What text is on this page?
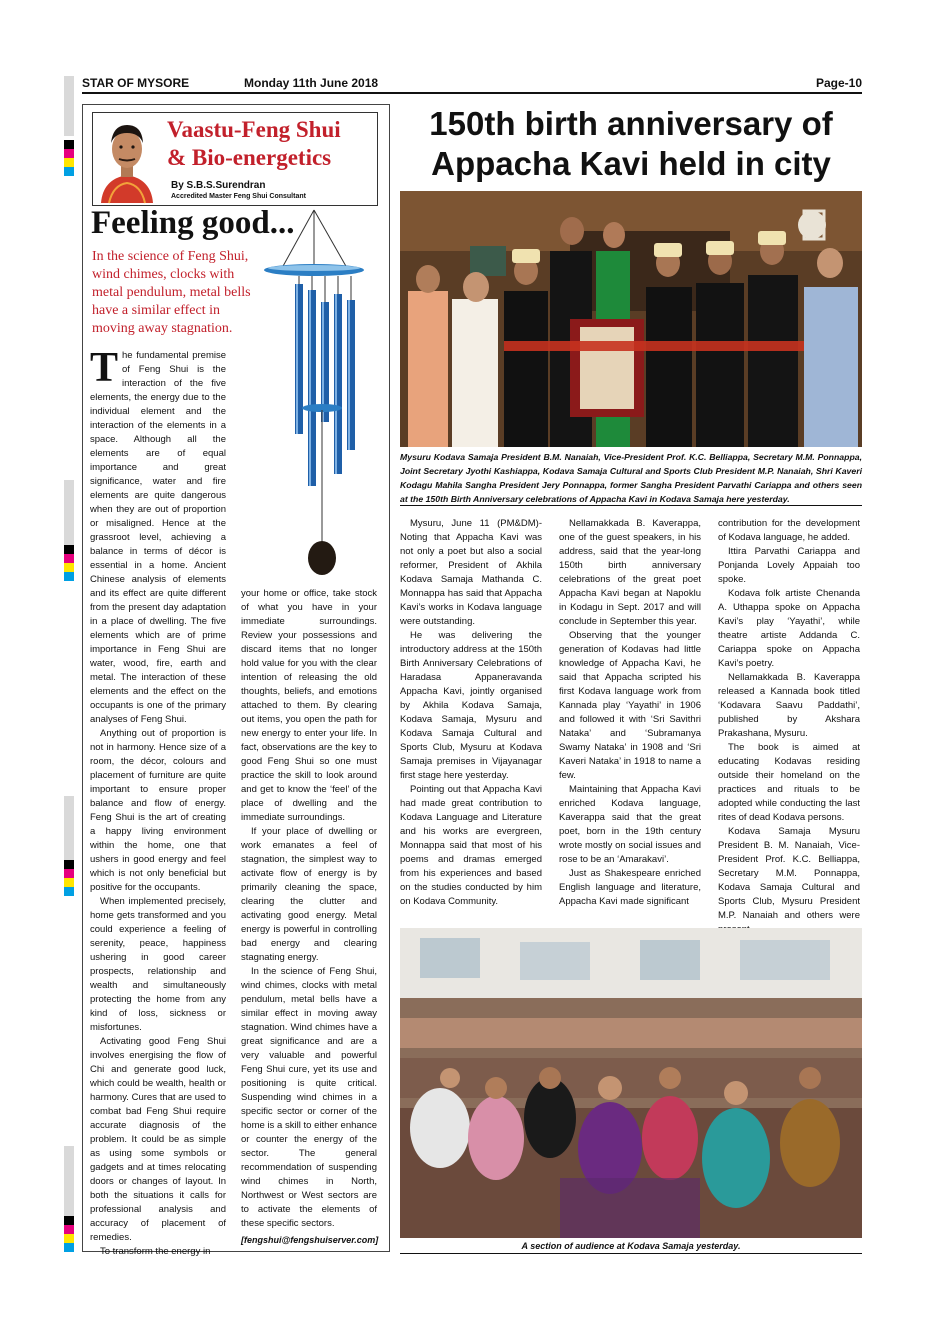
STAR OF MYSORE	Monday 11th June 2018	Page-10
Vaastu-Feng Shui
& Bio-energetics
By S.B.S.Surendran
Accredited Master Feng Shui Consultant
Feeling good...
In the science of Feng Shui, wind chimes, clocks with metal pendulum, metal bells have a similar effect in moving away stagnation.

The fundamental premise of Feng Shui is the interaction of the five elements, the energy due to the individual element and the interaction of the elements in a space. Although all the elements are of equal importance and great significance, water and fire elements are quite dangerous when they are out of proportion or misaligned. Hence at the grassroot level, achieving a balance in terms of décor is essential in a home. Ancient Chinese analysis of elements and its effect are quite different from the present day adaptation in a place of dwelling. The five elements which are of prime importance in Feng Shui are water, wood, fire, earth and metal. The interaction of these elements and the effect on the occupants is one of the primary analyses of Feng Shui.

Anything out of proportion is not in harmony. Hence size of a room, the décor, colours and placement of furniture are quite important to ensure proper balance and flow of energy. Feng Shui is the art of creating a happy living environment within the home, one that ushers in good energy and feel which is not only beneficial but positive for the occupants.

When implemented precisely, home gets transformed and you could experience a feeling of serenity, peace, happiness ushering in good career prospects, relationship and wealth and simultaneously protecting the home from any kind of loss, sickness or misfortunes.

Activating good Feng Shui involves energising the flow of Chi and generate good luck, which could be wealth, health or harmony. Cures that are used to combat bad Feng Shui require accurate diagnosis of the problem. It could be as simple as using some symbols or gadgets and at times relocating doors or changes of layout. In both the situations it calls for professional analysis and accuracy of placement of remedies.

To transform the energy in

your home or office, take stock of what you have in your immediate surroundings. Review your possessions and discard items that no longer hold value for you with the clear intention of releasing the old thoughts, beliefs, and emotions attached to them. By clearing out items, you open the path for new energy to enter your life. In fact, observations are the key to good Feng Shui so one must practice the skill to look around and get to know the ‘feel’ of the place of dwelling and the immediate surroundings.

If your place of dwelling or work emanates a feel of stagnation, the simplest way to activate flow of energy is by primarily cleaning the space, clearing the clutter and activating good energy. Metal energy is powerful in controlling bad energy and clearing stagnating energy.

In the science of Feng Shui, wind chimes, clocks with metal pendulum, metal bells have a similar effect in moving away stagnation. Wind chimes have a great significance and are a very valuable and powerful Feng Shui cure, yet its use and positioning is quite critical. Suspending wind chimes in a specific sector or corner of the home is a skill to either enhance or counter the energy of the sector. The general recommendation of suspending wind chimes in North, Northwest or West sectors are to activate the elements of these specific sectors.

[fengshui@fengshuiserver.com]
150th birth anniversary of Appacha Kavi held in city
Mysuru Kodava Samaja President B.M. Nanaiah, Vice-President Prof. K.C. Belliappa, Secretary M.M. Ponnappa, Joint Secretary Jyothi Kashiappa, Kodava Samaja Cultural and Sports Club President M.P. Nanaiah, Shri Kaveri Kodagu Mahila Sangha President Jery Ponnappa, former Sangha President Parvathi Cariappa and others seen at the 150th Birth Anniversary celebrations of Appacha Kavi in Kodava Samaja here yesterday.

Mysuru, June 11 (PM&DM)- Noting that Appacha Kavi was not only a poet but also a social reformer, President of Akhila Kodava Samaja Mathanda C. Monnappa has said that Appacha Kavi’s works in Kodava language were outstanding.

He was delivering the introductory address at the 150th Birth Anniversary Celebrations of Haradasa Appaneravanda Appacha Kavi, jointly organised by Akhila Kodava Samaja, Kodava Samaja, Mysuru and Kodava Samaja Cultural and Sports Club, Mysuru at Kodava Samaja premises in Vijayanagar first stage here yesterday.

Pointing out that Appacha Kavi had made great contribution to Kodava Language and Literature and his works are evergreen, Monnappa said that most of his poems and dramas emerged from his experiences and based on the studies conducted by him on Kodava Community.

Nellamakkada B. Kaverappa, one of the guest speakers, in his address, said that the year-long 150th birth anniversary celebrations of the great poet Appacha Kavi began at Napoklu in Kodagu in Sept. 2017 and will conclude in September this year.

Observing that the younger generation of Kodavas had little knowledge of Appacha Kavi, he said that Appacha scripted his first Kodava language work from Kannada play ‘Yayathi’ in 1906 and followed it with ‘Sri Savithri Nataka’ and ‘Subramanya Swamy Nataka’ in 1908 and ‘Sri Kaveri Nataka’ in 1918 to name a few.

Maintaining that Appacha Kavi enriched Kodava language, Kaverappa said that the great poet, born in the 19th century wrote mostly on social issues and rose to be an ‘Amarakavi’.

Just as Shakespeare enriched English language and literature, Appacha Kavi made significant

contribution for the development of Kodava language, he added.

Ittira Parvathi Cariappa and Ponjanda Lovely Appaiah too spoke.

Kodava folk artiste Chenanda A. Uthappa spoke on Appacha Kavi’s play ‘Yayathi’, while theatre artiste Addanda C. Cariappa spoke on Appacha Kavi’s poetry.

Nellamakkada B. Kaverappa released a Kannada book titled ‘Kodavara Saavu Paddathi’, published by Akshara Prakashana, Mysuru.

The book is aimed at educating Kodavas residing outside their homeland on the practices and rituals to be adopted while conducting the last rites of dead Kodava persons.

Kodava Samaja Mysuru President B. M. Nanaiah, Vice-President Prof. K.C. Belliappa, Secretary M.M. Ponnappa, Kodava Samaja Cultural and Sports Club, Mysuru President M.P. Nanaiah and others were

A section of audience at Kodava Samaja yesterday.
